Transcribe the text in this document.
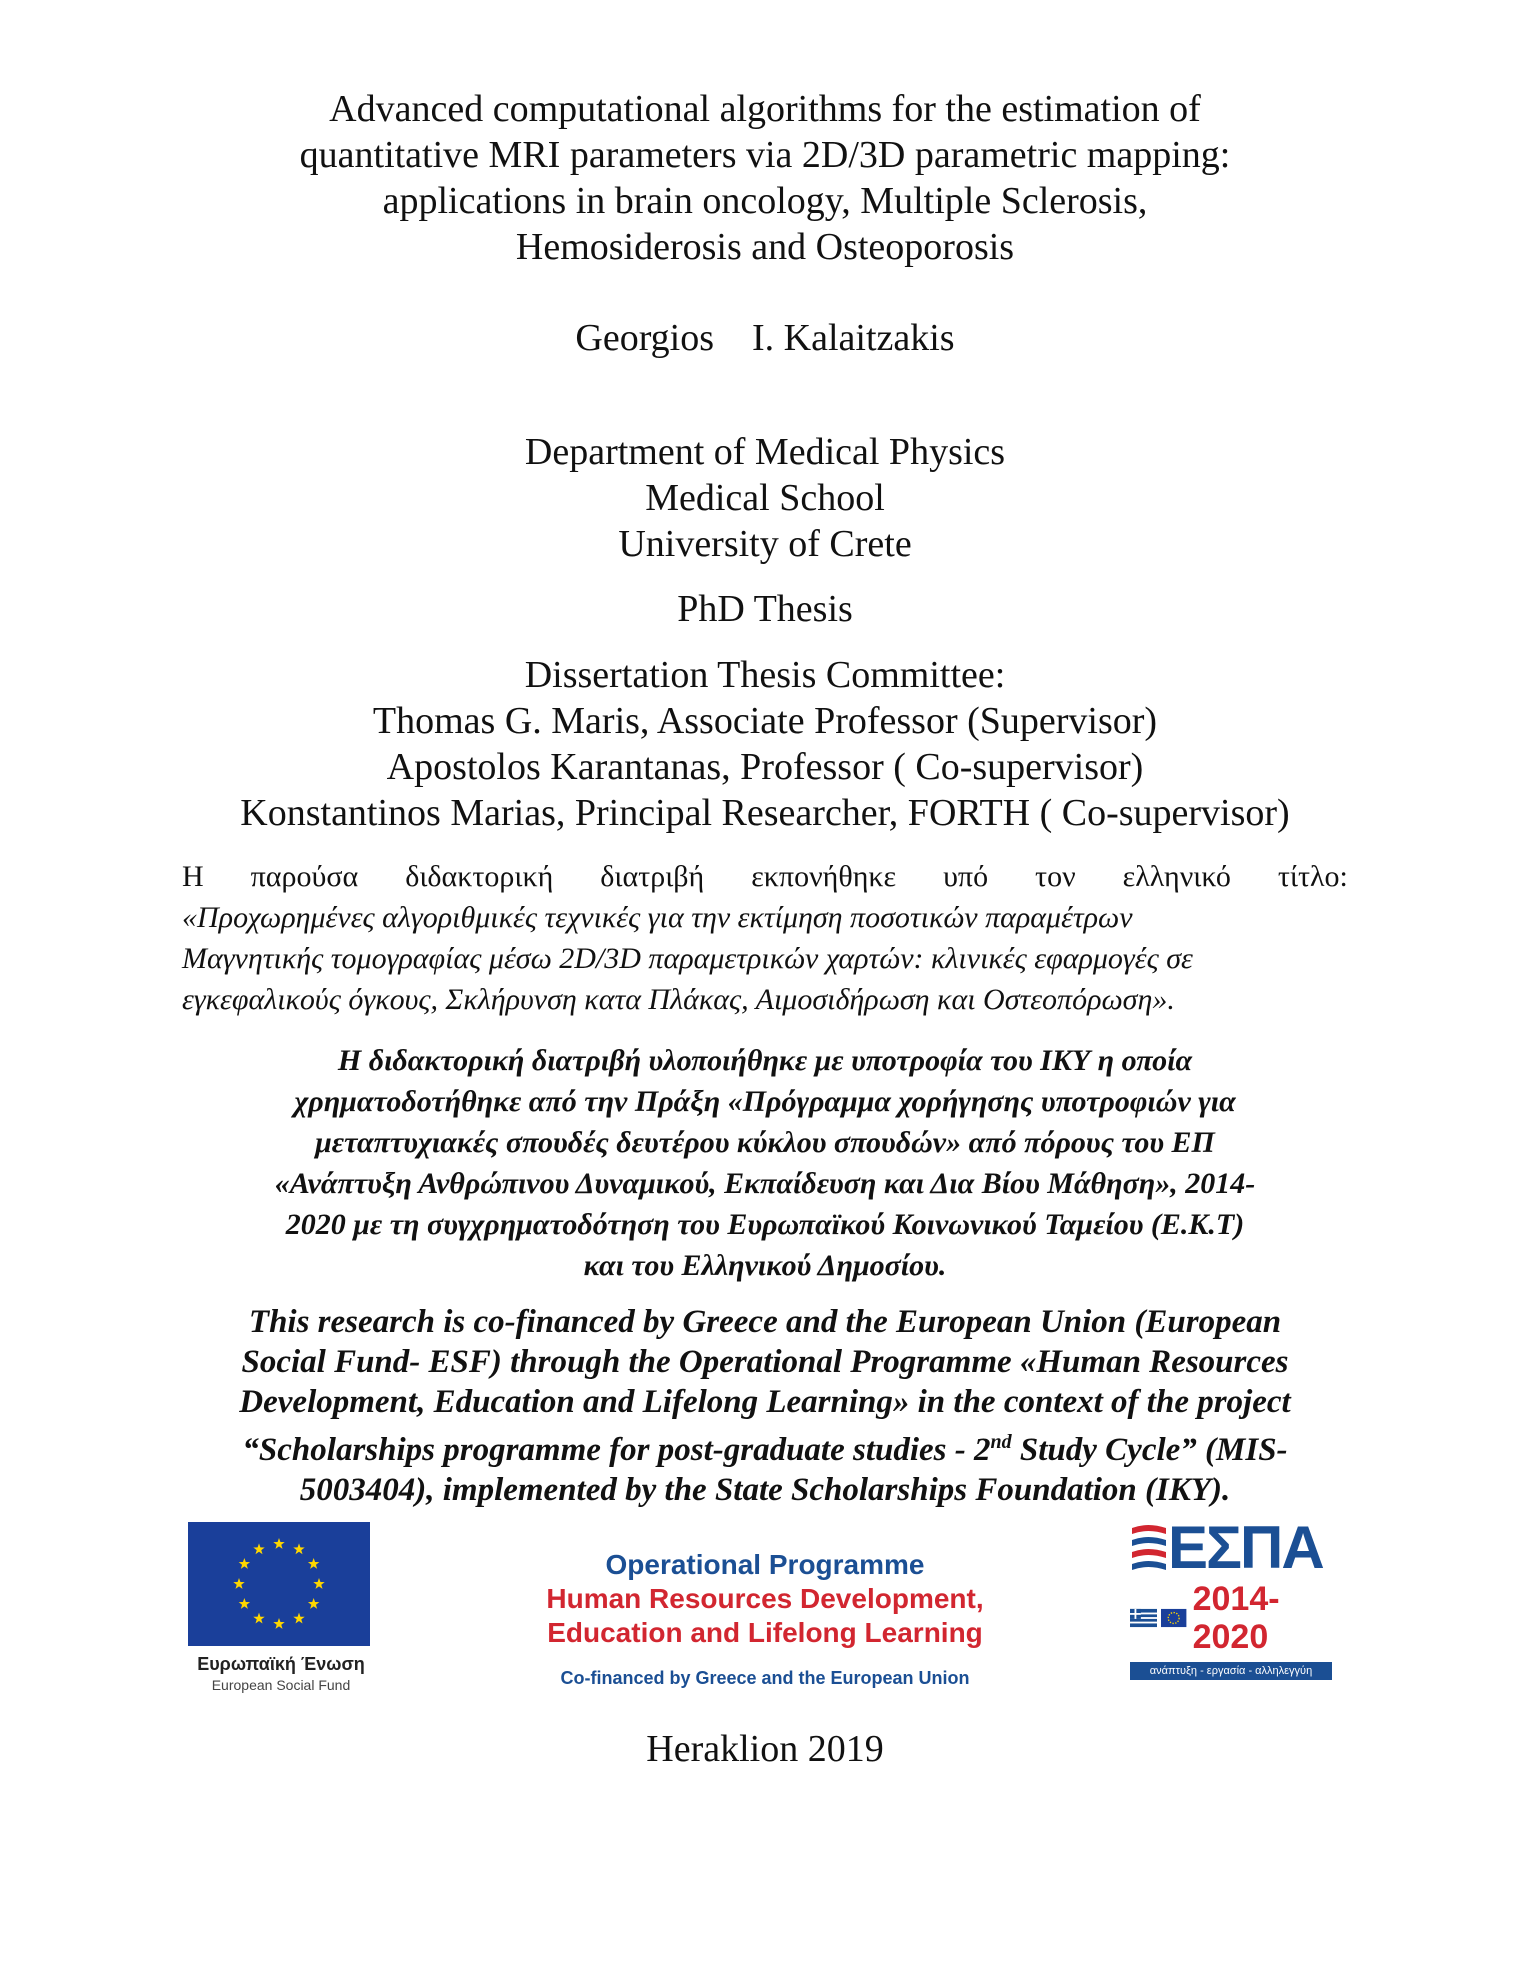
Advanced computational algorithms for the estimation of
quantitative MRI parameters via 2D/3D parametric mapping:
applications in brain oncology, Multiple Sclerosis,
Hemosiderosis and Osteoporosis
Georgios    I. Kalaitzakis
Department of Medical Physics
Medical School
University of Crete
PhD Thesis
Dissertation Thesis Committee:
Thomas G. Maris, Associate Professor (Supervisor)
Apostolos Karantanas, Professor ( Co-supervisor)
Konstantinos Marias, Principal Researcher, FORTH ( Co-supervisor)
Η παρούσα διδακτορική διατριβή εκπονήθηκε υπό τον ελληνικό τίτλο:
«Προχωρημένες αλγοριθμικές τεχνικές για την εκτίμηση ποσοτικών παραμέτρων
Μαγνητικής τομογραφίας μέσω 2D/3D παραμετρικών χαρτών: κλινικές εφαρμογές σε
εγκεφαλικούς όγκους, Σκλήρυνση κατα Πλάκας, Αιμοσιδήρωση και Οστεοπόρωση».
Η διδακτορική διατριβή υλοποιήθηκε με υποτροφία του ΙΚΥ η οποία
χρηματοδοτήθηκε από την Πράξη «Πρόγραμμα χορήγησης υποτροφιών για
μεταπτυχιακές σπουδές δευτέρου κύκλου σπουδών» από πόρους του ΕΠ
«Ανάπτυξη Ανθρώπινου Δυναμικού, Εκπαίδευση και Δια Βίου Μάθηση», 2014-
2020 με τη συγχρηματοδότηση του Ευρωπαϊκού Κοινωνικού Ταμείου (Ε.Κ.Τ)
και του Ελληνικού Δημοσίου.
This research is co-financed by Greece and the European Union (European
Social Fund- ESF) through the Operational Programme «Human Resources
Development, Education and Lifelong Learning» in the context of the project
“Scholarships programme for post-graduate studies - 2nd Study Cycle” (MIS-
5003404), implemented by the State Scholarships Foundation (IKY).
Ευρωπαϊκή Ένωση
European Social Fund
Operational Programme
Human Resources Development,
Education and Lifelong Learning
Co-financed by Greece and the European Union
ΕΣΠΑ
2014-2020
ανάπτυξη - εργασία - αλληλεγγύη
Heraklion 2019
